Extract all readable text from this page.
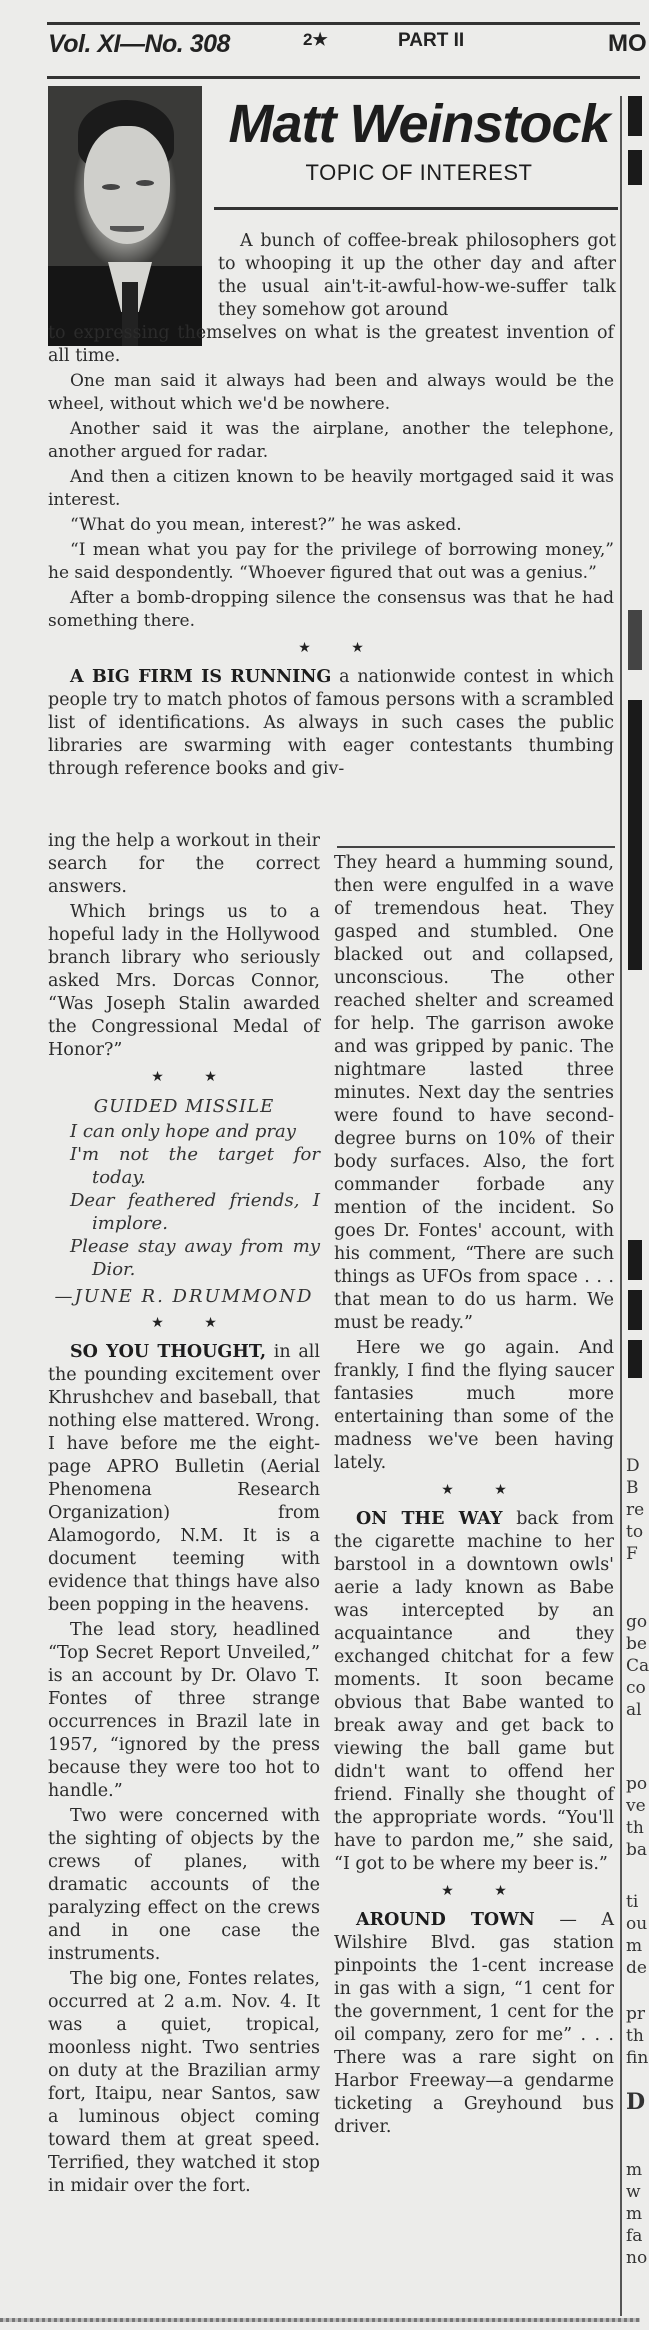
Vol. XI—No. 308	2★	PART II	MO
Matt Weinstock
TOPIC OF INTEREST
D
B
re
to
F
go
be
Ca
co
al
po
ve
th
ba
ti
ou
m
de
pr
th
fin
D
m
w
m
fa
no

A bunch of coffee-break philosophers got to whooping it up the other day and after the usual ain't-it-awful-how-we-suffer talk they somehow got around

to expressing themselves on what is the greatest invention of all time.

One man said it always had been and always would be the wheel, without which we'd be nowhere.

Another said it was the airplane, another the telephone, another argued for radar.

And then a citizen known to be heavily mortgaged said it was interest.

“What do you mean, interest?” he was asked.

“I mean what you pay for the privilege of borrowing money,” he said despondently. “Whoever figured that out was a genius.”

After a bomb-dropping silence the consensus was that he had something there.

★ ★

A BIG FIRM IS RUNNING a nationwide contest in which people try to match photos of famous persons with a scrambled list of identifications. As always in such cases the public libraries are swarming with eager contestants thumbing through reference books and giv-

ing the help a workout in their search for the correct answers.

Which brings us to a hopeful lady in the Hollywood branch library who seriously asked Mrs. Dorcas Connor, “Was Joseph Stalin awarded the Congressional Medal of Honor?”

★ ★
GUIDED MISSILE
I can only hope and pray
I'm not the target for today.
Dear feathered friends, I implore.
Please stay away from my Dior.
—JUNE R. DRUMMOND
★ ★

SO YOU THOUGHT, in all the pounding excitement over Khrushchev and baseball, that nothing else mattered. Wrong. I have before me the eight-page APRO Bulletin (Aerial Phenomena Research Organization) from Alamogordo, N.M. It is a document teeming with evidence that things have also been popping in the heavens.

The lead story, headlined “Top Secret Report Unveiled,” is an account by Dr. Olavo T. Fontes of three strange occurrences in Brazil late in 1957, “ignored by the press because they were too hot to handle.”

Two were concerned with the sighting of objects by the crews of planes, with dramatic accounts of the paralyzing effect on the crews and in one case the instruments.

The big one, Fontes relates, occurred at 2 a.m. Nov. 4. It was a quiet, tropical, moonless night. Two sentries on duty at the Brazilian army fort, Itaipu, near Santos, saw a luminous object coming toward them at great speed. Terrified, they watched it stop in midair over the fort.

They heard a humming sound, then were engulfed in a wave of tremendous heat. They gasped and stumbled. One blacked out and collapsed, unconscious. The other reached shelter and screamed for help. The garrison awoke and was gripped by panic. The nightmare lasted three minutes. Next day the sentries were found to have second-degree burns on 10% of their body surfaces. Also, the fort commander forbade any mention of the incident. So goes Dr. Fontes' account, with his comment, “There are such things as UFOs from space . . . that mean to do us harm. We must be ready.”

Here we go again. And frankly, I find the flying saucer fantasies much more entertaining than some of the madness we've been having lately.

★ ★

ON THE WAY back from the cigarette machine to her barstool in a downtown owls' aerie a lady known as Babe was intercepted by an acquaintance and they exchanged chitchat for a few moments. It soon became obvious that Babe wanted to break away and get back to viewing the ball game but didn't want to offend her friend. Finally she thought of the appropriate words. “You'll have to pardon me,” she said, “I got to be where my beer is.”

★ ★

AROUND TOWN — A Wilshire Blvd. gas station pinpoints the 1-cent increase in gas with a sign, “1 cent for the government, 1 cent for the oil company, zero for me” . . . There was a rare sight on Harbor Freeway—a gendarme ticketing a Greyhound bus driver.
